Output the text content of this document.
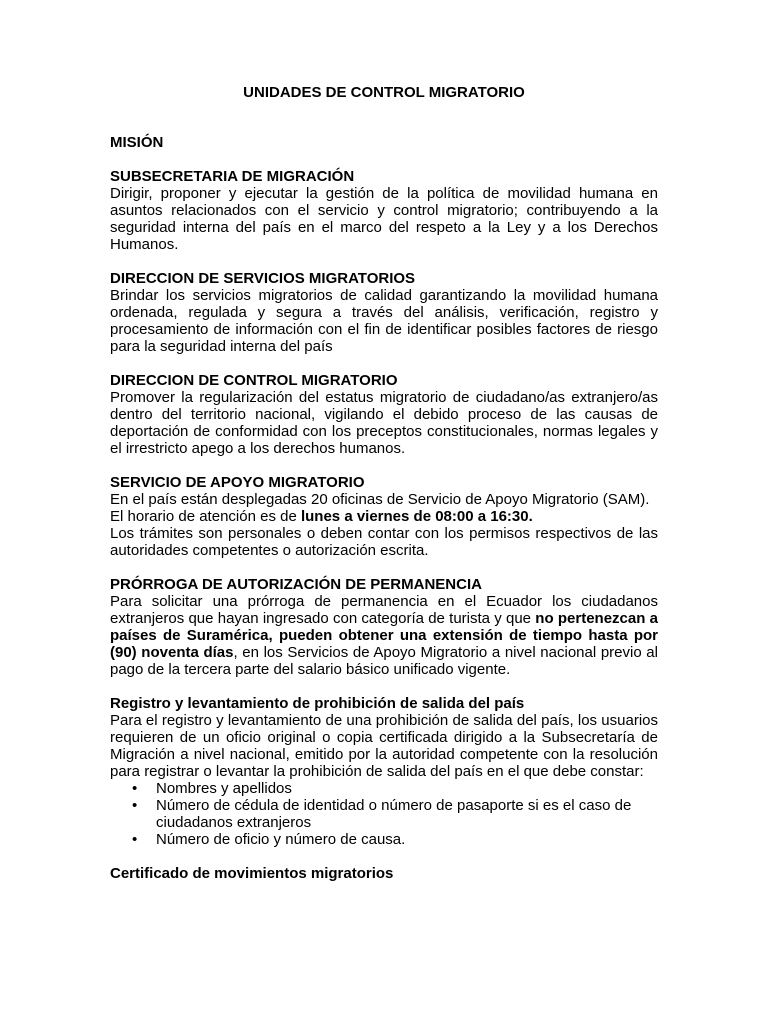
UNIDADES DE CONTROL MIGRATORIO
MISIÓN
SUBSECRETARIA DE MIGRACIÓN

Dirigir, proponer y ejecutar la gestión de la política de movilidad humana en asuntos relacionados con el servicio y control migratorio; contribuyendo a la seguridad interna del país en el marco del respeto a la Ley y a los Derechos Humanos.

DIRECCION DE SERVICIOS MIGRATORIOS

Brindar los servicios migratorios de calidad garantizando la movilidad humana ordenada, regulada y segura a través del análisis, verificación, registro y procesamiento de información con el fin de identificar posibles factores de riesgo para la seguridad interna del país

DIRECCION DE CONTROL MIGRATORIO

Promover la regularización del estatus migratorio de ciudadano/as extranjero/as dentro del territorio nacional, vigilando el debido proceso de las causas de deportación de conformidad con los preceptos constitucionales, normas legales y el irrestricto apego a los derechos humanos.

SERVICIO DE APOYO MIGRATORIO

En el país están desplegadas 20 oficinas de Servicio de Apoyo Migratorio (SAM).

El horario de atención es de lunes a viernes de 08:00 a 16:30.

Los trámites son personales o deben contar con los permisos respectivos de las autoridades competentes o autorización escrita.

PRÓRROGA DE AUTORIZACIÓN DE PERMANENCIA

Para solicitar una prórroga de permanencia en el Ecuador los ciudadanos extranjeros que hayan ingresado con categoría de turista y que no pertenezcan a países de Suramérica, pueden obtener una extensión de tiempo hasta por (90) noventa días, en los Servicios de Apoyo Migratorio a nivel nacional previo al pago de la tercera parte del salario básico unificado vigente.

Registro y levantamiento de prohibición de salida del país

Para el registro y levantamiento de una prohibición de salida del país, los usuarios requieren de un oficio original o copia certificada dirigido a la Subsecretaría de Migración a nivel nacional, emitido por la autoridad competente con la resolución para registrar o levantar la prohibición de salida del país en el que debe constar:

• Nombres y apellidos
• Número de cédula de identidad o número de pasaporte si es el caso de ciudadanos extranjeros
• Número de oficio y número de causa.
Certificado de movimientos migratorios
